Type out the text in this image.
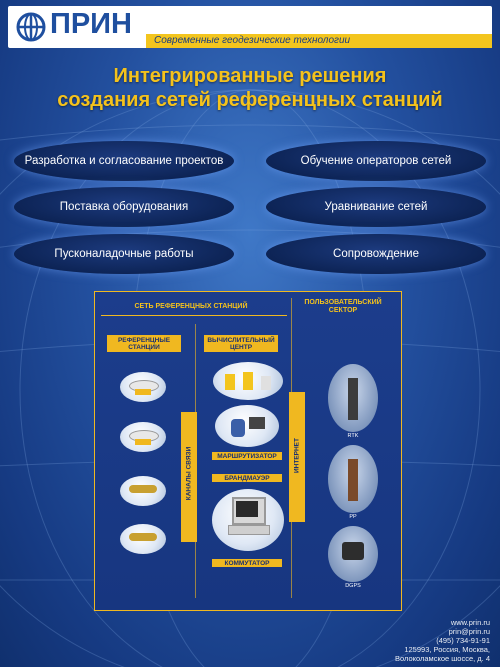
ПРИН
Современные геодезические технологии
Интегрированные решения
создания сетей референцных станций
Разработка и согласование проектов	Обучение операторов сетей
Поставка оборудования	Уравнивание сетей
Пусконаладочные работы	Сопровождение
СЕТЬ РЕФЕРЕНЦНЫХ СТАНЦИЙ
ПОЛЬЗОВАТЕЛЬСКИЙ СЕКТОР
РЕФЕРЕНЦНЫЕ СТАНЦИИ
ВЫЧИСЛИТЕЛЬНЫЙ ЦЕНТР
КАНАЛЫ СВЯЗИ	МАРШРУТИЗАТОР
БРАНДМАУЭР
КОММУТАТОР
ИНТЕРНЕТ
RTK
PP
DGPS
www.prin.ru
prin@prin.ru
(495) 734-91-91
125993, Россия, Москва,
Волоколамское шоссе, д. 4
